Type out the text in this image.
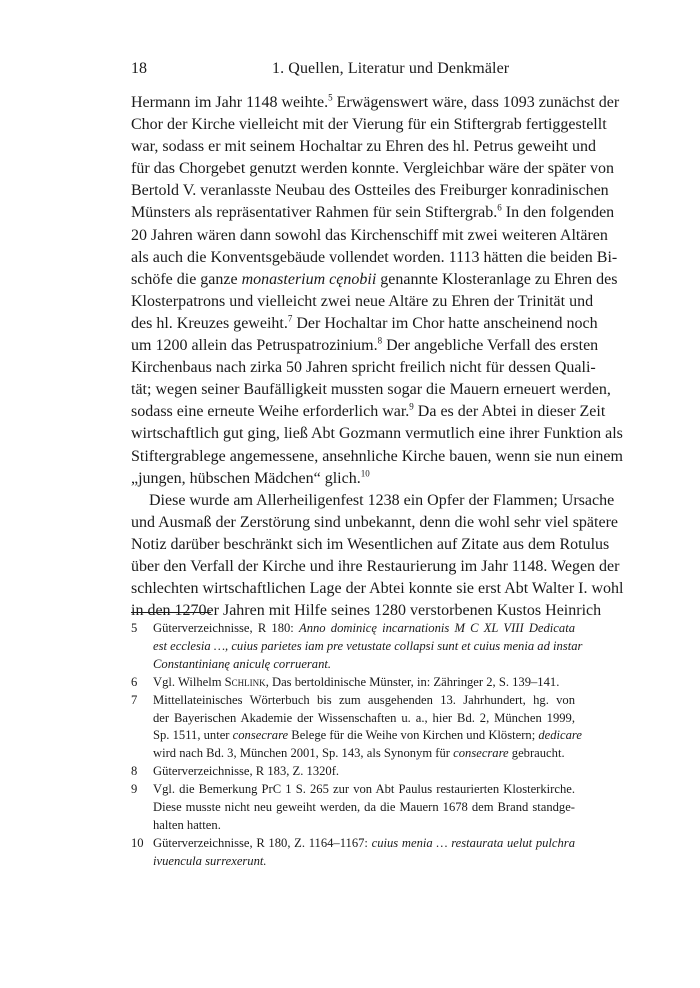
18	1. Quellen, Literatur und Denkmäler
Hermann im Jahr 1148 weihte.$^5$ Erwägenswert wäre, dass 1093 zunächst der
Chor der Kirche vielleicht mit der Vierung für ein Stiftergrab fertiggestellt
war, sodass er mit seinem Hochaltar zu Ehren des hl. Petrus geweiht und
für das Chorgebet genutzt werden konnte. Vergleichbar wäre der später von
Bertold V. veranlasste Neubau des Ostteiles des Freiburger konradinischen
Münsters als repräsentativer Rahmen für sein Stiftergrab.$^6$ In den folgenden
20 Jahren wären dann sowohl das Kirchenschiff mit zwei weiteren Altären
als auch die Konventsgebäude vollendet worden. 1113 hätten die beiden Bi-
schöfe die ganze monasterium cęnobii genannte Klosteranlage zu Ehren des
Klosterpatrons und vielleicht zwei neue Altäre zu Ehren der Trinität und
des hl. Kreuzes geweiht.$^7$ Der Hochaltar im Chor hatte anscheinend noch
um 1200 allein das Petruspatrozinium.$^8$ Der angebliche Verfall des ersten
Kirchenbaus nach zirka 50 Jahren spricht freilich nicht für dessen Quali-
tät; wegen seiner Baufälligkeit mussten sogar die Mauern erneuert werden,
sodass eine erneute Weihe erforderlich war.$^9$ Da es der Abtei in dieser Zeit
wirtschaftlich gut ging, ließ Abt Gozmann vermutlich eine ihrer Funktion als
Stiftergrablege angemessene, ansehnliche Kirche bauen, wenn sie nun einem
„jungen, hübschen Mädchen“ glich.$^{10}$
Diese wurde am Allerheiligenfest 1238 ein Opfer der Flammen; Ursache
und Ausmaß der Zerstörung sind unbekannt, denn die wohl sehr viel spätere
Notiz darüber beschränkt sich im Wesentlichen auf Zitate aus dem Rotulus
über den Verfall der Kirche und ihre Restaurierung im Jahr 1148. Wegen der
schlechten wirtschaftlichen Lage der Abtei konnte sie erst Abt Walter I. wohl
in den 1270er Jahren mit Hilfe seines 1280 verstorbenen Kustos Heinrich
5 Güterverzeichnisse, R 180: Anno dominicę incarnationis M C XL VIII Dedicata
est ecclesia …, cuius parietes iam pre vetustate collapsi sunt et cuius menia ad instar
Constantinianę aniculę corruerant.
6 Vgl. Wilhelm Schlink, Das bertoldinische Münster, in: Zähringer 2, S. 139–141.
7 Mittellateinisches Wörterbuch bis zum ausgehenden 13. Jahrhundert, hg. von
der Bayerischen Akademie der Wissenschaften u. a., hier Bd. 2, München 1999,
Sp. 1511, unter consecrare Belege für die Weihe von Kirchen und Klöstern; dedicare
wird nach Bd. 3, München 2001, Sp. 143, als Synonym für consecrare gebraucht.
8 Güterverzeichnisse, R 183, Z. 1320f.
9 Vgl. die Bemerkung PrC 1 S. 265 zur von Abt Paulus restaurierten Klosterkirche.
Diese musste nicht neu geweiht werden, da die Mauern 1678 dem Brand standge-
halten hatten.
10 Güterverzeichnisse, R 180, Z. 1164–1167: cuius menia … restaurata uelut pulchra
ivuencula surrexerunt.
